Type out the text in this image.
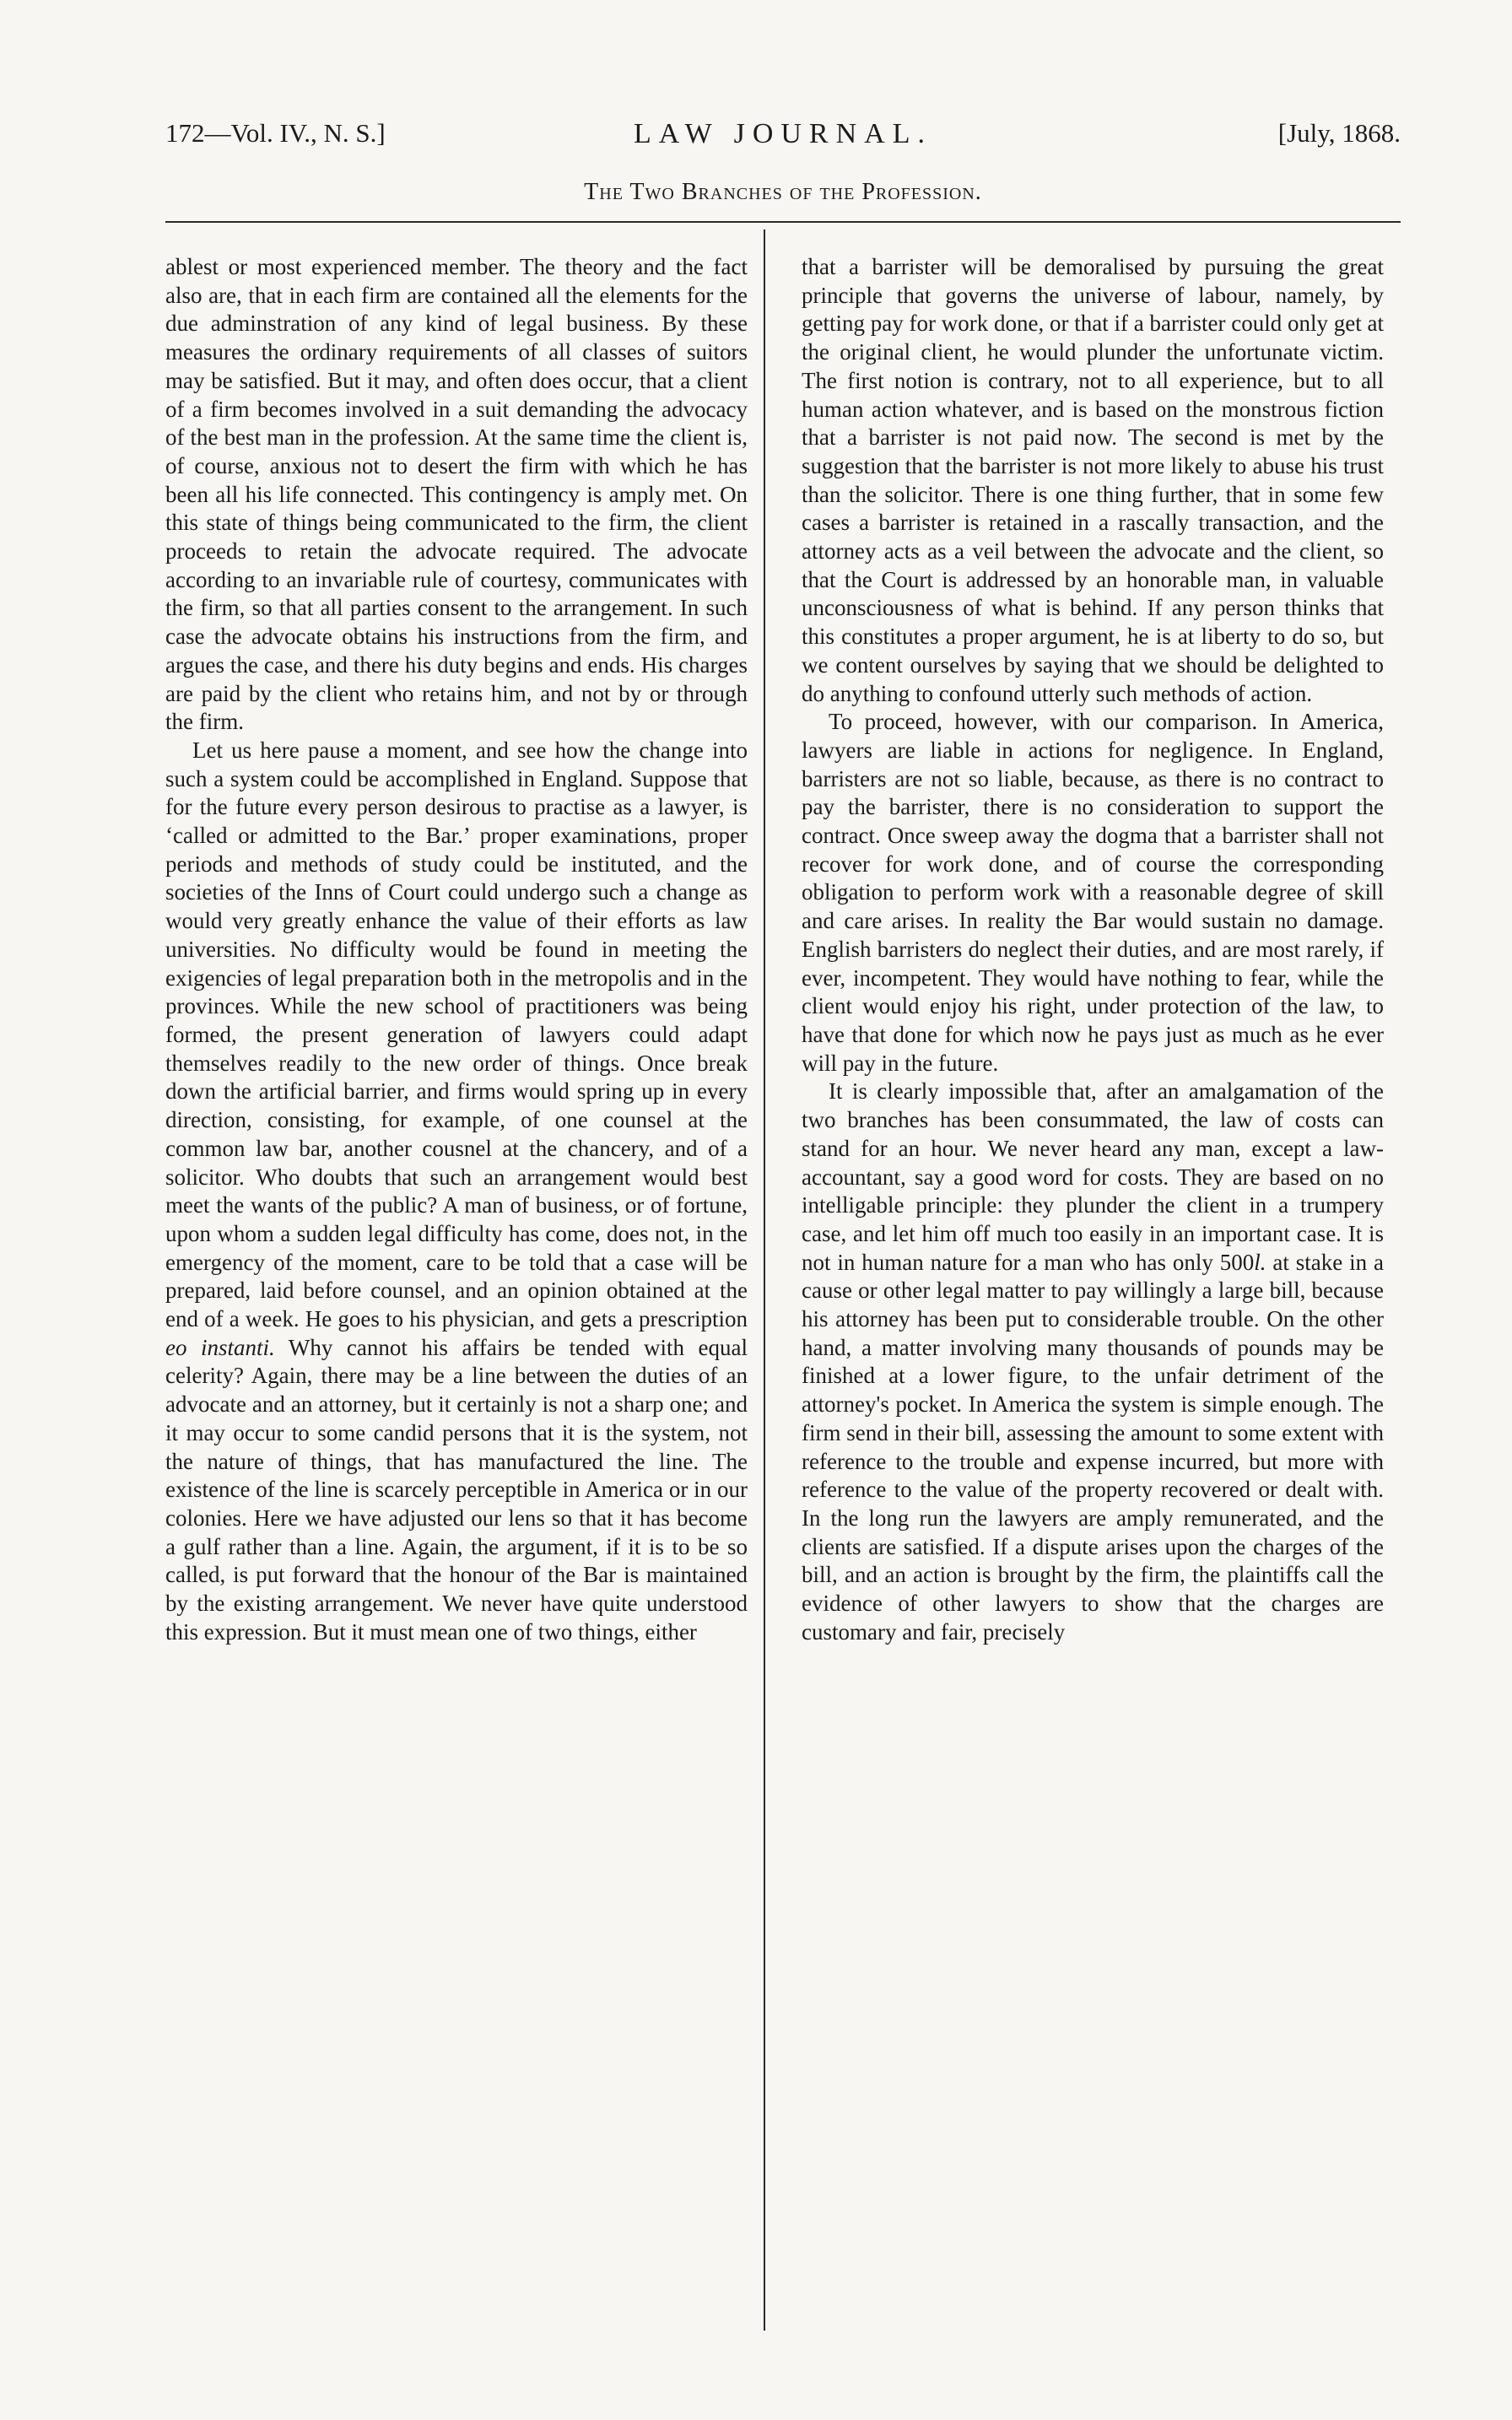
172—Vol. IV., N. S.]	LAW JOURNAL.	[July, 1868.
The Two Branches of the Profession.

ablest or most experienced member. The theory and the fact also are, that in each firm are contained all the elements for the due adminstration of any kind of legal business. By these measures the ordinary requirements of all classes of suitors may be satisfied. But it may, and often does occur, that a client of a firm becomes involved in a suit demanding the advocacy of the best man in the profession. At the same time the client is, of course, anxious not to desert the firm with which he has been all his life connected. This contingency is amply met. On this state of things being communicated to the firm, the client proceeds to retain the advocate required. The advocate according to an invariable rule of courtesy, communicates with the firm, so that all parties consent to the arrangement. In such case the advocate obtains his instructions from the firm, and argues the case, and there his duty begins and ends. His charges are paid by the client who retains him, and not by or through the firm.

Let us here pause a moment, and see how the change into such a system could be accomplished in England. Suppose that for the future every person desirous to practise as a lawyer, is ‘called or admitted to the Bar.’ proper examinations, proper periods and methods of study could be instituted, and the societies of the Inns of Court could undergo such a change as would very greatly enhance the value of their efforts as law universities. No difficulty would be found in meeting the exigencies of legal preparation both in the metropolis and in the provinces. While the new school of practitioners was being formed, the present generation of lawyers could adapt themselves readily to the new order of things. Once break down the artificial barrier, and firms would spring up in every direction, consisting, for example, of one counsel at the common law bar, another cousnel at the chancery, and of a solicitor. Who doubts that such an arrangement would best meet the wants of the public? A man of business, or of fortune, upon whom a sudden legal difficulty has come, does not, in the emergency of the moment, care to be told that a case will be prepared, laid before counsel, and an opinion obtained at the end of a week. He goes to his physician, and gets a prescription eo instanti. Why cannot his affairs be tended with equal celerity? Again, there may be a line between the duties of an advocate and an attorney, but it certainly is not a sharp one; and it may occur to some candid persons that it is the system, not the nature of things, that has manufactured the line. The existence of the line is scarcely perceptible in America or in our colonies. Here we have adjusted our lens so that it has become a gulf rather than a line. Again, the argument, if it is to be so called, is put forward that the honour of the Bar is maintained by the existing arrangement. We never have quite understood this expression. But it must mean one of two things, either

that a barrister will be demoralised by pursuing the great principle that governs the universe of labour, namely, by getting pay for work done, or that if a barrister could only get at the original client, he would plunder the unfortunate victim. The first notion is contrary, not to all experience, but to all human action whatever, and is based on the monstrous fiction that a barrister is not paid now. The second is met by the suggestion that the barrister is not more likely to abuse his trust than the solicitor. There is one thing further, that in some few cases a barrister is retained in a rascally transaction, and the attorney acts as a veil between the advocate and the client, so that the Court is addressed by an honorable man, in valuable unconsciousness of what is behind. If any person thinks that this constitutes a proper argument, he is at liberty to do so, but we content ourselves by saying that we should be delighted to do anything to confound utterly such methods of action.

To proceed, however, with our comparison. In America, lawyers are liable in actions for negligence. In England, barristers are not so liable, because, as there is no contract to pay the barrister, there is no consideration to support the contract. Once sweep away the dogma that a barrister shall not recover for work done, and of course the corresponding obligation to perform work with a reasonable degree of skill and care arises. In reality the Bar would sustain no damage. English barristers do neglect their duties, and are most rarely, if ever, incompetent. They would have nothing to fear, while the client would enjoy his right, under protection of the law, to have that done for which now he pays just as much as he ever will pay in the future.

It is clearly impossible that, after an amalgamation of the two branches has been consummated, the law of costs can stand for an hour. We never heard any man, except a law-accountant, say a good word for costs. They are based on no intelligable principle: they plunder the client in a trumpery case, and let him off much too easily in an important case. It is not in human nature for a man who has only 500l. at stake in a cause or other legal matter to pay willingly a large bill, because his attorney has been put to considerable trouble. On the other hand, a matter involving many thousands of pounds may be finished at a lower figure, to the unfair detriment of the attorney's pocket. In America the system is simple enough. The firm send in their bill, assessing the amount to some extent with reference to the trouble and expense incurred, but more with reference to the value of the property recovered or dealt with. In the long run the lawyers are amply remunerated, and the clients are satisfied. If a dispute arises upon the charges of the bill, and an action is brought by the firm, the plaintiffs call the evidence of other lawyers to show that the charges are customary and fair, precisely
